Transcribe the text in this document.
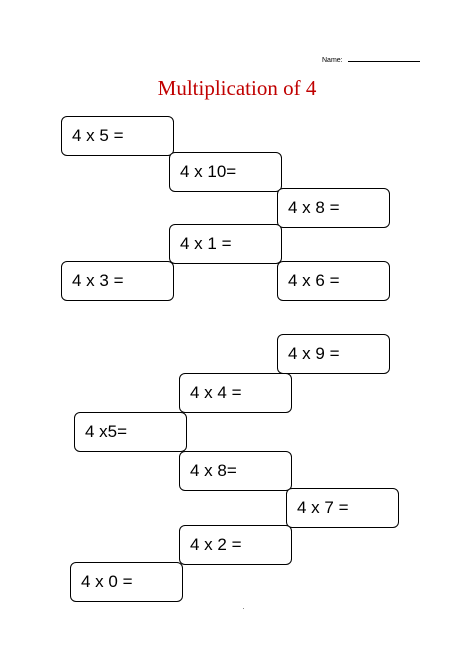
Name:
Multiplication of 4
4 x 5 =
4 x 10=
4 x 8 =
4 x 1 =
4 x 3 =	4 x 6 =
4 x 9 =
4 x 4 =
4 x5=
4 x 8=
4 x 7 =
4 x 2 =
4 x 0 =
